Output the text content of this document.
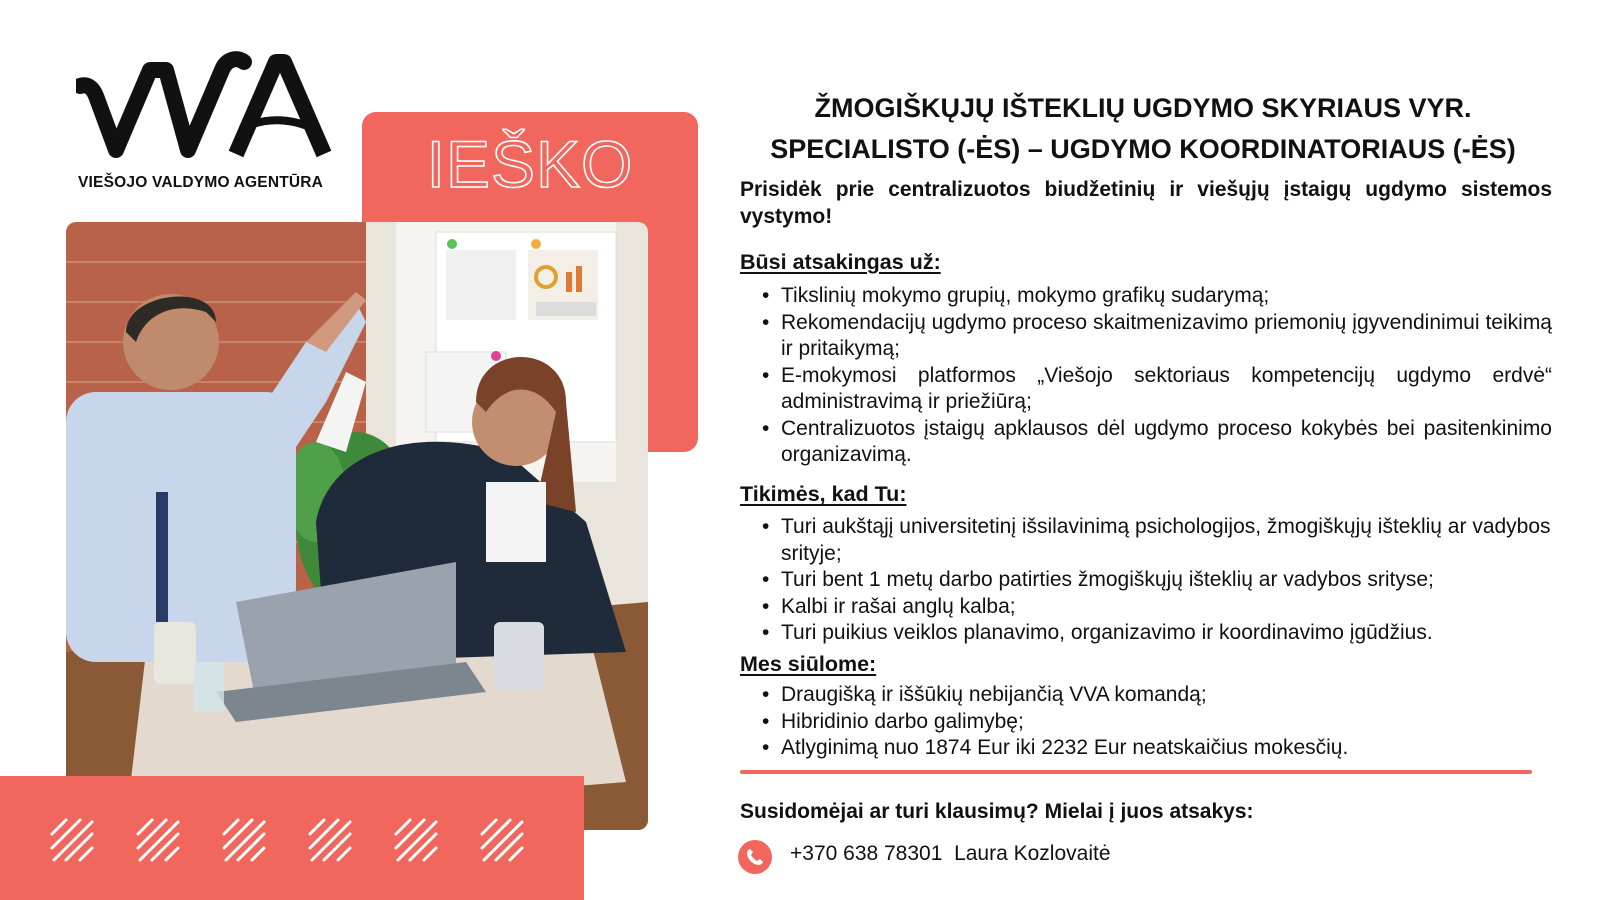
VIEŠOJO VALDYMO AGENTŪRA	IEŠKO
ŽMOGIŠKŲJŲ IŠTEKLIŲ UGDYMO SKYRIAUS VYR. SPECIALISTO (-ĖS) – UGDYMO KOORDINATORIAUS (-ĖS)
Prisidėk prie centralizuotos biudžetinių ir viešųjų įstaigų ugdymo sistemos vystymo!
Būsi atsakingas už:
• Tikslinių mokymo grupių, mokymo grafikų sudarymą;
• Rekomendacijų ugdymo proceso skaitmenizavimo priemonių įgyvendinimui teikimą ir pritaikymą;
• E-mokymosi platformos „Viešojo sektoriaus kompetencijų ugdymo erdvė“ administravimą ir priežiūrą;
• Centralizuotos įstaigų apklausos dėl ugdymo proceso kokybės bei pasitenkinimo organizavimą.
Tikimės, kad Tu:
• Turi aukštąjį universitetinį išsilavinimą psichologijos, žmogiškųjų išteklių ar vadybos srityje;
• Turi bent 1 metų darbo patirties žmogiškųjų išteklių ar vadybos srityse;
• Kalbi ir rašai anglų kalba;
• Turi puikius veiklos planavimo, organizavimo ir koordinavimo įgūdžius.
Mes siūlome:
• Draugišką ir iššūkių nebijančią VVA komandą;
• Hibridinio darbo galimybę;
• Atlyginimą nuo 1874 Eur iki 2232 Eur neatskaičius mokesčių.
Susidomėjai ar turi klausimų? Mielai į juos atsakys:
+370 638 78301 Laura Kozlovaitė
